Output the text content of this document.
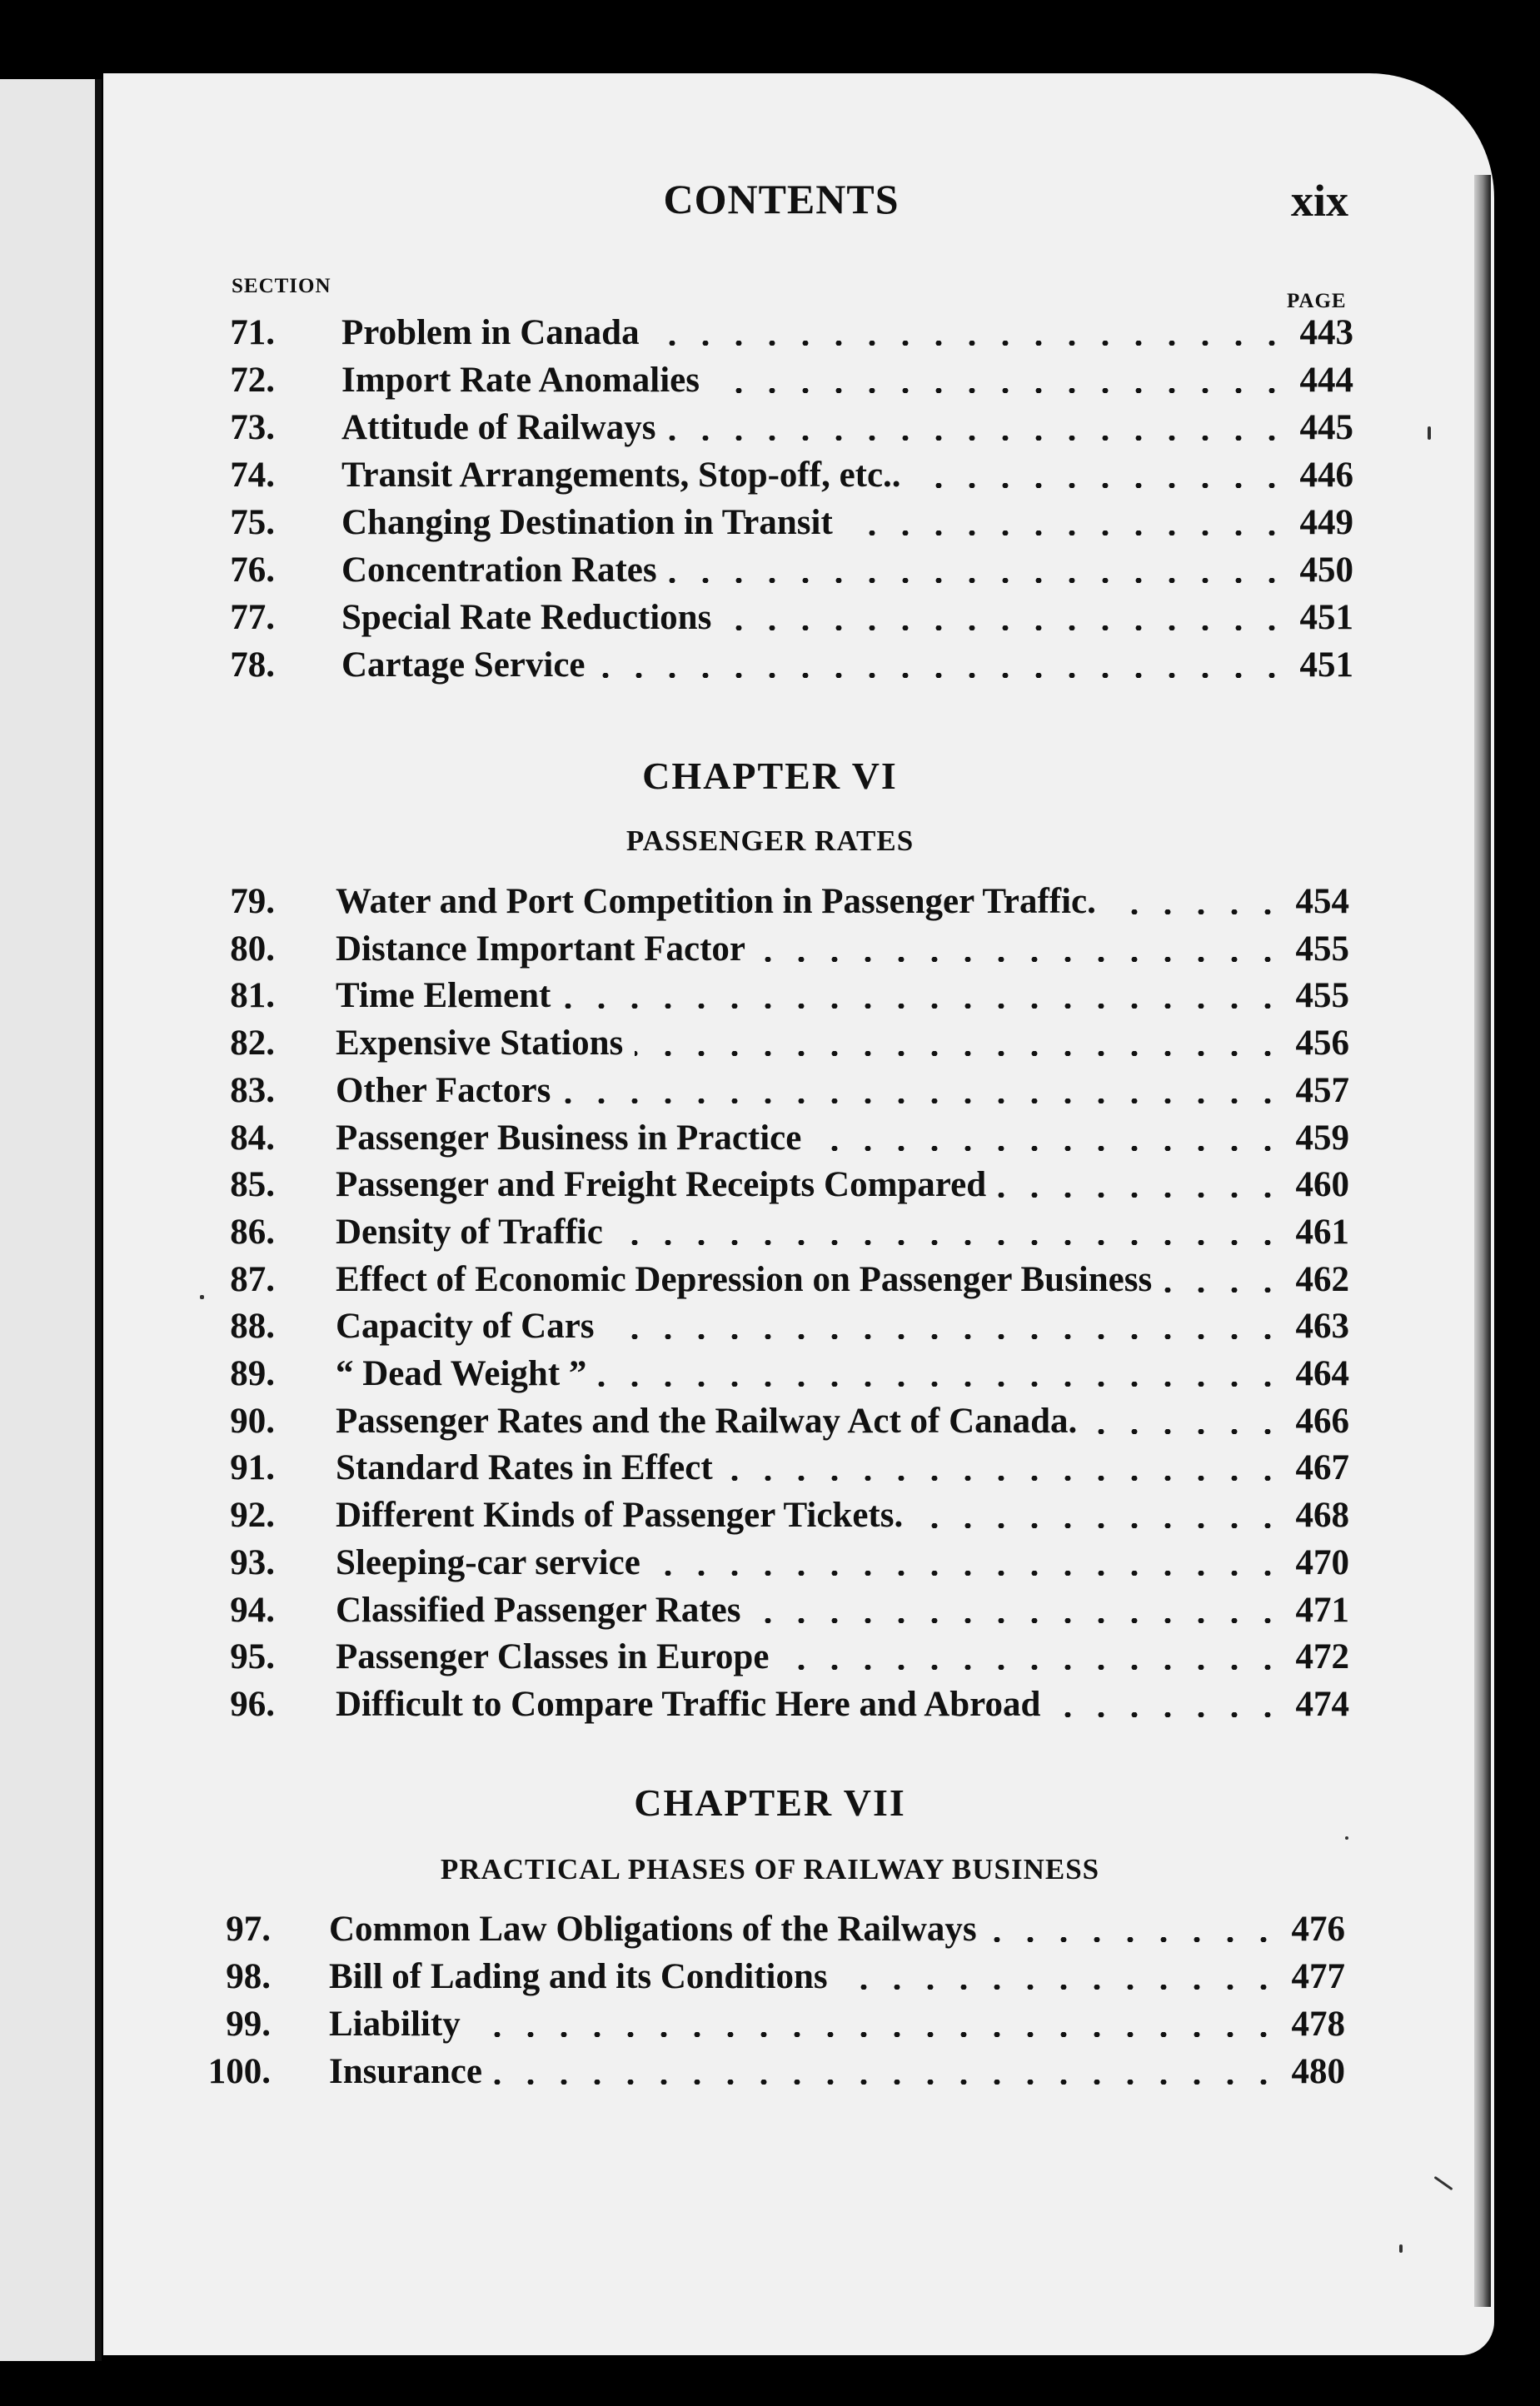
CONTENTS	xix
SECTION
PAGE
71. Problem in Canada	443
72. Import Rate Anomalies	444
73. Attitude of Railways	445
74. Transit Arrangements, Stop-off, etc..	446
75. Changing Destination in Transit	449
76. Concentration Rates	450
77. Special Rate Reductions	451
78. Cartage Service	451
CHAPTER VI
PASSENGER RATES
79. Water and Port Competition in Passenger Traffic.	454
80. Distance Important Factor	455
81. Time Element	455
82. Expensive Stations	456
83. Other Factors	457
84. Passenger Business in Practice	459
85. Passenger and Freight Receipts Compared	460
86. Density of Traffic	461
87. Effect of Economic Depression on Passenger Business	462
88. Capacity of Cars	463
89. “ Dead Weight ”	464
90. Passenger Rates and the Railway Act of Canada.	466
91. Standard Rates in Effect	467
92. Different Kinds of Passenger Tickets.	468
93. Sleeping-car service	470
94. Classified Passenger Rates	471
95. Passenger Classes in Europe	472
96. Difficult to Compare Traffic Here and Abroad	474
CHAPTER VII
PRACTICAL PHASES OF RAILWAY BUSINESS
97. Common Law Obligations of the Railways	476
98. Bill of Lading and its Conditions	477
99. Liability	478
100. Insurance	480
